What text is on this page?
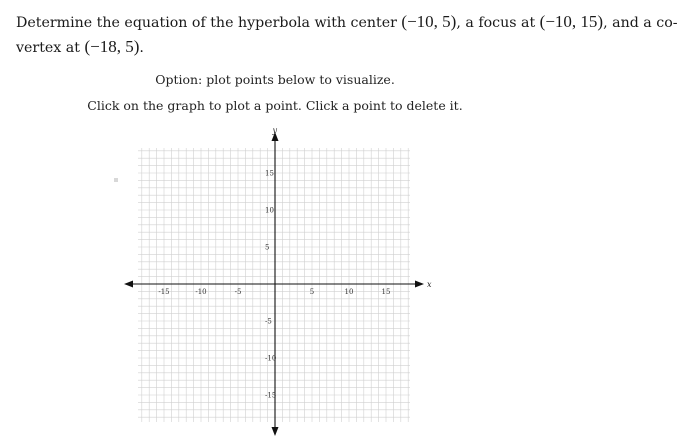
Determine the equation of the hyperbola with center (−10, 5), a focus at (−10, 15), and a co-vertex at (−18, 5).
Option: plot points below to visualize.
Click on the graph to plot a point. Click a point to delete it.
x
y
-15	-10	-5	5	10	15
15
10
5
-5
-10
-15
